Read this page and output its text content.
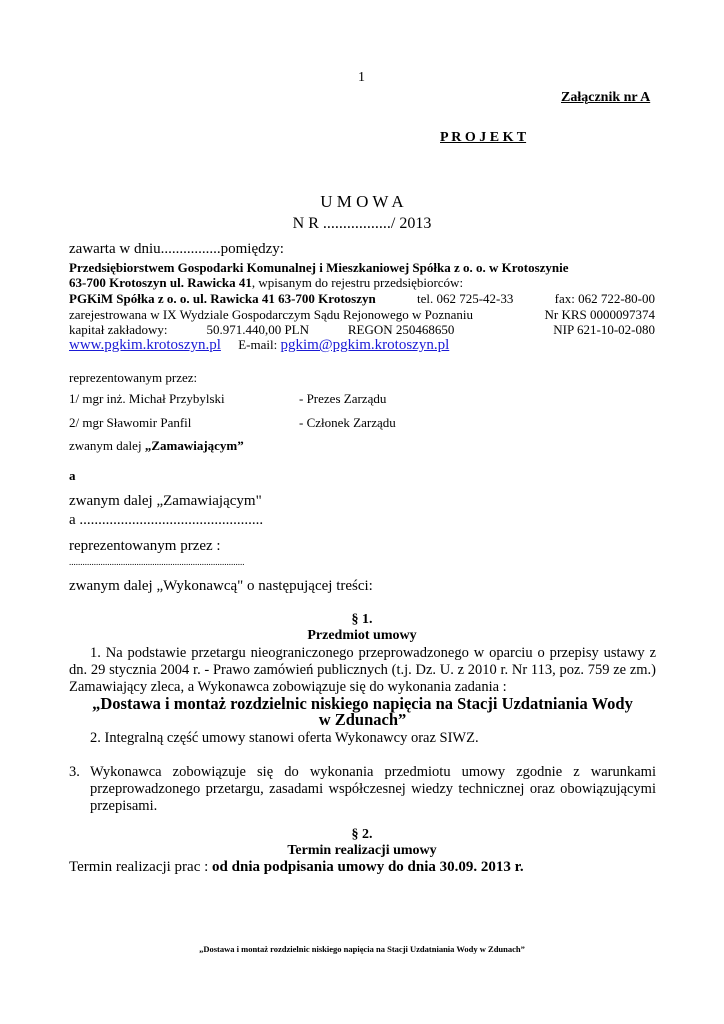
1
Załącznik nr A
P R O J E K T
U M O W A
N R ................./ 2013
zawarta w dniu................pomiędzy:
Przedsiębiorstwem Gospodarki Komunalnej i Mieszkaniowej Spółka z o. o. w Krotoszynie
63-700 Krotoszyn ul. Rawicka 41, wpisanym do rejestru przedsiębiorców:
PGKiM Spółka z o. o. ul. Rawicka 41 63-700 Krotoszyn	tel. 062 725-42-33	fax: 062 722-80-00
zarejestrowana w IX Wydziale Gospodarczym Sądu Rejonowego w Poznaniu	Nr KRS 0000097374
kapitał zakładowy:	50.971.440,00 PLN	REGON 250468650	NIP 621-10-02-080
www.pgkim.krotoszyn.pl E-mail: pgkim@pgkim.krotoszyn.pl
reprezentowanym przez:
1/ mgr inż. Michał Przybylski	- Prezes Zarządu
2/ mgr Sławomir Panfil	- Członek Zarządu
zwanym dalej „Zamawiającym”
a
zwanym dalej „Zamawiającym"
a .................................................
reprezentowanym przez :
..............................................................................
zwanym dalej „Wykonawcą" o następującej treści:
§ 1.
Przedmiot umowy
1. Na podstawie przetargu nieograniczonego przeprowadzonego w oparciu o przepisy ustawy z dn. 29 stycznia 2004 r. - Prawo zamówień publicznych (t.j. Dz. U. z 2010 r. Nr 113, poz. 759 ze zm.) Zamawiający zleca, a Wykonawca zobowiązuje się do wykonania zadania :
„Dostawa i montaż rozdzielnic niskiego napięcia na Stacji Uzdatniania Wody
w Zdunach”
2. Integralną część umowy stanowi oferta Wykonawcy oraz SIWZ.
3. Wykonawca zobowiązuje się do wykonania przedmiotu umowy zgodnie z warunkami przeprowadzonego przetargu, zasadami współczesnej wiedzy technicznej oraz obowiązującymi przepisami.
§ 2.
Termin realizacji umowy
Termin realizacji prac : od dnia podpisania umowy do dnia 30.09. 2013 r.
„Dostawa i montaż rozdzielnic niskiego napięcia na Stacji Uzdatniania Wody w Zdunach”
